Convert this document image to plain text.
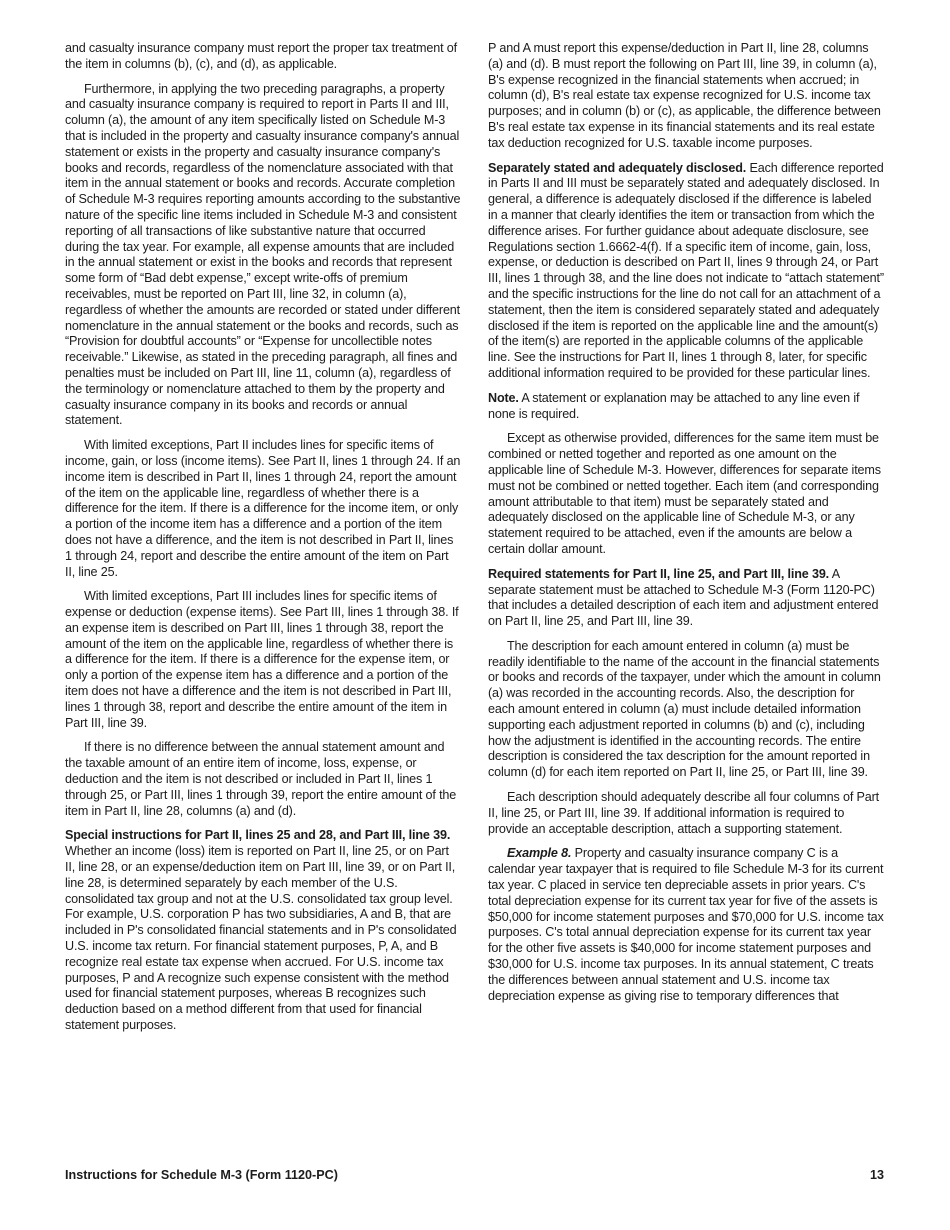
and casualty insurance company must report the proper tax treatment of the item in columns (b), (c), and (d), as applicable.

Furthermore, in applying the two preceding paragraphs, a property and casualty insurance company is required to report in Parts II and III, column (a), the amount of any item specifically listed on Schedule M-3 that is included in the property and casualty insurance company's annual statement or exists in the property and casualty insurance company's books and records, regardless of the nomenclature associated with that item in the annual statement or books and records. Accurate completion of Schedule M-3 requires reporting amounts according to the substantive nature of the specific line items included in Schedule M-3 and consistent reporting of all transactions of like substantive nature that occurred during the tax year. For example, all expense amounts that are included in the annual statement or exist in the books and records that represent some form of “Bad debt expense,” except write-offs of premium receivables, must be reported on Part III, line 32, in column (a), regardless of whether the amounts are recorded or stated under different nomenclature in the annual statement or the books and records, such as “Provision for doubtful accounts” or “Expense for uncollectible notes receivable.” Likewise, as stated in the preceding paragraph, all fines and penalties must be included on Part III, line 11, column (a), regardless of the terminology or nomenclature attached to them by the property and casualty insurance company in its books and records or annual statement.

With limited exceptions, Part II includes lines for specific items of income, gain, or loss (income items). See Part II, lines 1 through 24. If an income item is described in Part II, lines 1 through 24, report the amount of the item on the applicable line, regardless of whether there is a difference for the item. If there is a difference for the income item, or only a portion of the income item has a difference and a portion of the item does not have a difference, and the item is not described in Part II, lines 1 through 24, report and describe the entire amount of the item on Part II, line 25.

With limited exceptions, Part III includes lines for specific items of expense or deduction (expense items). See Part III, lines 1 through 38. If an expense item is described on Part III, lines 1 through 38, report the amount of the item on the applicable line, regardless of whether there is a difference for the item. If there is a difference for the expense item, or only a portion of the expense item has a difference and a portion of the item does not have a difference and the item is not described in Part III, lines 1 through 38, report and describe the entire amount of the item in Part III, line 39.

If there is no difference between the annual statement amount and the taxable amount of an entire item of income, loss, expense, or deduction and the item is not described or included in Part II, lines 1 through 25, or Part III, lines 1 through 39, report the entire amount of the item in Part II, line 28, columns (a) and (d).

Special instructions for Part II, lines 25 and 28, and Part III, line 39. Whether an income (loss) item is reported on Part II, line 25, or on Part II, line 28, or an expense/deduction item on Part III, line 39, or on Part II, line 28, is determined separately by each member of the U.S. consolidated tax group and not at the U.S. consolidated tax group level. For example, U.S. corporation P has two subsidiaries, A and B, that are included in P's consolidated financial statements and in P's consolidated U.S. income tax return. For financial statement purposes, P, A, and B recognize real estate tax expense when accrued. For U.S. income tax purposes, P and A recognize such expense consistent with the method used for financial statement purposes, whereas B recognizes such deduction based on a method different from that used for financial statement purposes.

P and A must report this expense/deduction in Part II, line 28, columns (a) and (d). B must report the following on Part III, line 39, in column (a), B's expense recognized in the financial statements when accrued; in column (d), B's real estate tax expense recognized for U.S. income tax purposes; and in column (b) or (c), as applicable, the difference between B's real estate tax expense in its financial statements and its real estate tax deduction recognized for U.S. taxable income purposes.

Separately stated and adequately disclosed. Each difference reported in Parts II and III must be separately stated and adequately disclosed. In general, a difference is adequately disclosed if the difference is labeled in a manner that clearly identifies the item or transaction from which the difference arises. For further guidance about adequate disclosure, see Regulations section 1.6662-4(f). If a specific item of income, gain, loss, expense, or deduction is described on Part II, lines 9 through 24, or Part III, lines 1 through 38, and the line does not indicate to “attach statement” and the specific instructions for the line do not call for an attachment of a statement, then the item is considered separately stated and adequately disclosed if the item is reported on the applicable line and the amount(s) of the item(s) are reported in the applicable columns of the applicable line. See the instructions for Part II, lines 1 through 8, later, for specific additional information required to be provided for these particular lines.

Note. A statement or explanation may be attached to any line even if none is required.

Except as otherwise provided, differences for the same item must be combined or netted together and reported as one amount on the applicable line of Schedule M-3. However, differences for separate items must not be combined or netted together. Each item (and corresponding amount attributable to that item) must be separately stated and adequately disclosed on the applicable line of Schedule M-3, or any statement required to be attached, even if the amounts are below a certain dollar amount.

Required statements for Part II, line 25, and Part III, line 39. A separate statement must be attached to Schedule M-3 (Form 1120-PC) that includes a detailed description of each item and adjustment entered on Part II, line 25, and Part III, line 39.

The description for each amount entered in column (a) must be readily identifiable to the name of the account in the financial statements or books and records of the taxpayer, under which the amount in column (a) was recorded in the accounting records. Also, the description for each amount entered in column (a) must include detailed information supporting each adjustment reported in columns (b) and (c), including how the adjustment is identified in the accounting records. The entire description is considered the tax description for the amount reported in column (d) for each item reported on Part II, line 25, or Part III, line 39.

Each description should adequately describe all four columns of Part II, line 25, or Part III, line 39. If additional information is required to provide an acceptable description, attach a supporting statement.

Example 8. Property and casualty insurance company C is a calendar year taxpayer that is required to file Schedule M-3 for its current tax year. C placed in service ten depreciable assets in prior years. C's total depreciation expense for its current tax year for five of the assets is $50,000 for income statement purposes and $70,000 for U.S. income tax purposes. C's total annual depreciation expense for its current tax year for the other five assets is $40,000 for income statement purposes and $30,000 for U.S. income tax purposes. In its annual statement, C treats the differences between annual statement and U.S. income tax depreciation expense as giving rise to temporary differences that

Instructions for Schedule M-3 (Form 1120-PC)	13
